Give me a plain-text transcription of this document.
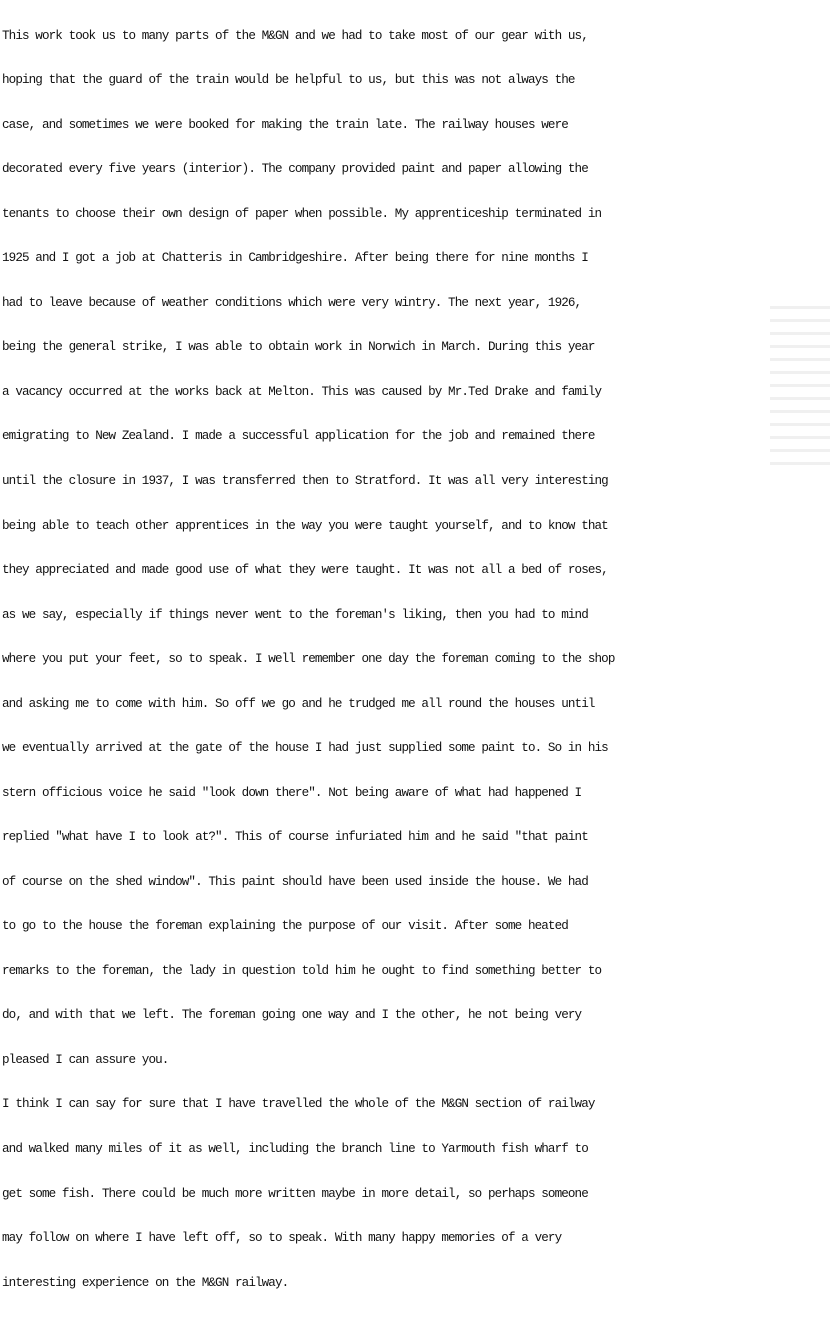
This work took us to many parts of the M&GN and we had to take most of our gear with us,

hoping that the guard of the train would be helpful to us, but this was not always the

case, and sometimes we were booked for making the train late. The railway houses were

decorated every five years (interior). The company provided paint and paper allowing the

tenants to choose their own design of paper when possible. My apprenticeship terminated in

1925 and I got a job at Chatteris in Cambridgeshire. After being there for nine months I

had to leave because of weather conditions which were very wintry. The next year, 1926,

being the general strike, I was able to obtain work in Norwich in March. During this year

a vacancy occurred at the works back at Melton. This was caused by Mr.Ted Drake and family

emigrating to New Zealand. I made a successful application for the job and remained there

until the closure in 1937, I was transferred then to Stratford. It was all very interesting

being able to teach other apprentices in the way you were taught yourself, and to know that

they appreciated and made good use of what they were taught. It was not all a bed of roses,

as we say, especially if things never went to the foreman's liking, then you had to mind

where you put your feet, so to speak. I well remember one day the foreman coming to the shop

and asking me to come with him. So off we go and he trudged me all round the houses until

we eventually arrived at the gate of the house I had just supplied some paint to. So in his

stern officious voice he said "look down there". Not being aware of what had happened I

replied "what have I to look at?". This of course infuriated him and he said "that paint

of course on the shed window". This paint should have been used inside the house. We had

to go to the house the foreman explaining the purpose of our visit. After some heated

remarks to the foreman, the lady in question told him he ought to find something better to

do, and with that we left. The foreman going one way and I the other, he not being very

pleased I can assure you.

I think I can say for sure that I have travelled the whole of the M&GN section of railway

and walked many miles of it as well, including the branch line to Yarmouth fish wharf to

get some fish. There could be much more written maybe in more detail, so perhaps someone

may follow on where I have left off, so to speak. With many happy memories of a very

interesting experience on the M&GN railway.
